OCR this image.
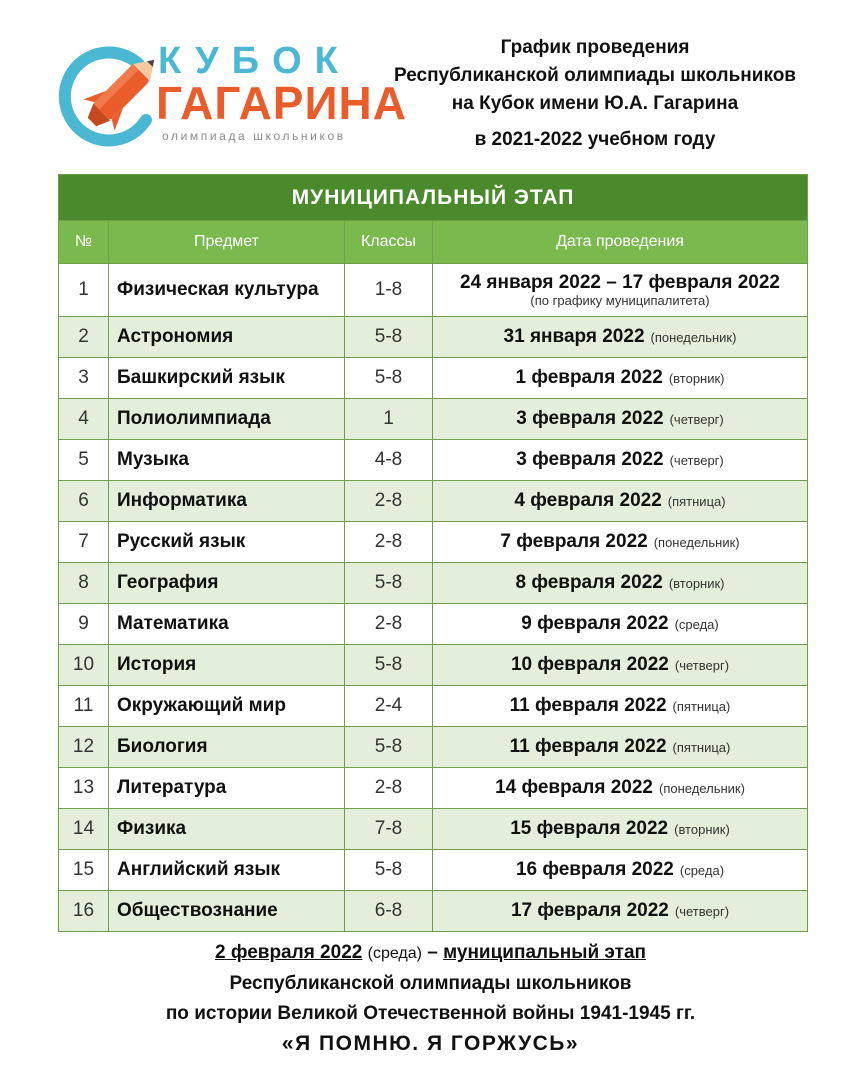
КУБОК
ГАГАРИНА
олимпиада школьников
График проведения
Республиканской олимпиады школьников
на Кубок имени Ю.А. Гагарина
в 2021-2022 учебном году
МУНИЦИПАЛЬНЫЙ ЭТАП			
№	Предмет	Классы	Дата проведения
1	Физическая культура	1-8	24 января 2022 – 17 февраля 2022
(по графику муниципалитета)

2	Астрономия	5-8	31 января 2022 (понедельник)
3	Башкирский язык	5-8	1 февраля 2022 (вторник)
4	Полиолимпиада	1	3 февраля 2022 (четверг)
5	Музыка	4-8	3 февраля 2022 (четверг)
6	Информатика	2-8	4 февраля 2022 (пятница)
7	Русский язык	2-8	7 февраля 2022 (понедельник)
8	География	5-8	8 февраля 2022 (вторник)
9	Математика	2-8	9 февраля 2022 (среда)
10	История	5-8	10 февраля 2022 (четверг)
11	Окружающий мир	2-4	11 февраля 2022 (пятница)
12	Биология	5-8	11 февраля 2022 (пятница)
13	Литература	2-8	14 февраля 2022 (понедельник)
14	Физика	7-8	15 февраля 2022 (вторник)
15	Английский язык	5-8	16 февраля 2022 (среда)
16	Обществознание	6-8	17 февраля 2022 (четверг)
2 февраля 2022 (среда) – муниципальный этап
Республиканской олимпиады школьников
по истории Великой Отечественной войны 1941-1945 гг.
«Я ПОМНЮ. Я ГОРЖУСЬ»
